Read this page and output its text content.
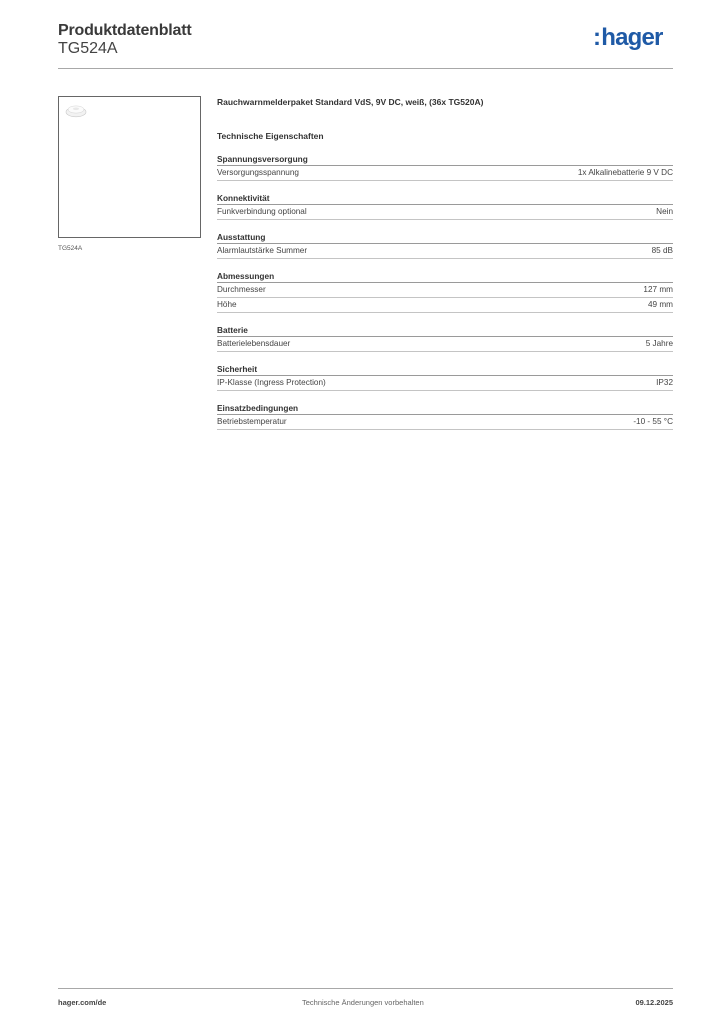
Produktdatenblatt
TG524A	:hager
TG524A
Rauchwarnmelderpaket Standard VdS, 9V DC, weiß, (36x TG520A)
Technische Eigenschaften
Spannungsversorgung
Versorgungsspannung	1x Alkalinebatterie 9 V DC
Konnektivität
Funkverbindung optional	Nein
Ausstattung
Alarmlautstärke Summer	85 dB
Abmessungen
Durchmesser	127 mm
Höhe	49 mm
Batterie
Batterielebensdauer	5 Jahre
Sicherheit
IP-Klasse (Ingress Protection)	IP32
Einsatzbedingungen
Betriebstemperatur	-10 - 55 °C
hager.com/de	Technische Änderungen vorbehalten	09.12.2025
